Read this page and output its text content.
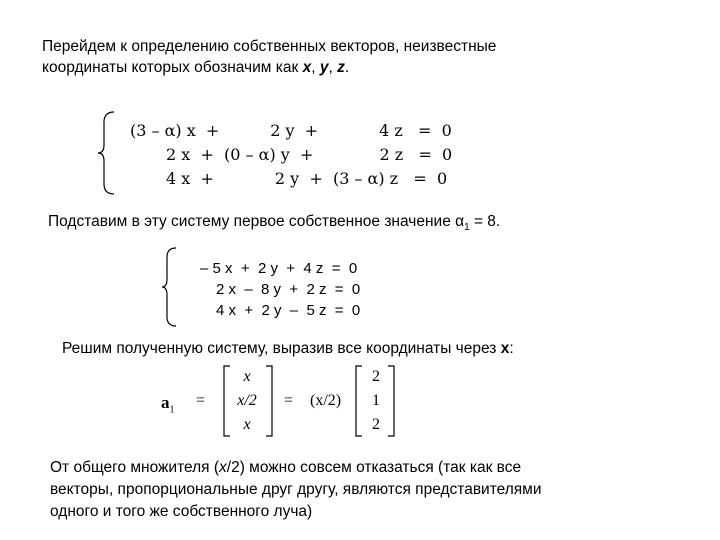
Перейдем к определению собственных векторов, неизвестные
координаты которых обозначим как x, y, z.
(3 – α) x  +          2 y  +            4 z   =  0
2 x  +  (0 – α) y  +             2 z   =  0
4 x  +            2 y  +  (3 – α) z   =  0
Подставим в эту систему первое собственное значение $\alpha_1 = 8$.
– 5 x  +  2 y  +  4 z  =  0
2 x  –  8 y  +  2 z  =  0
4 x  +  2 y  –  5 z  =  0
Решим полученную систему, выразив все координаты через x:
$a_1$
=
x
x/2
x
= (x/2)
2
1
2
От общего множителя (x/2) можно совсем отказаться (так как все
векторы, пропорциональные друг другу, являются представителями
одного и того же собственного луча)
